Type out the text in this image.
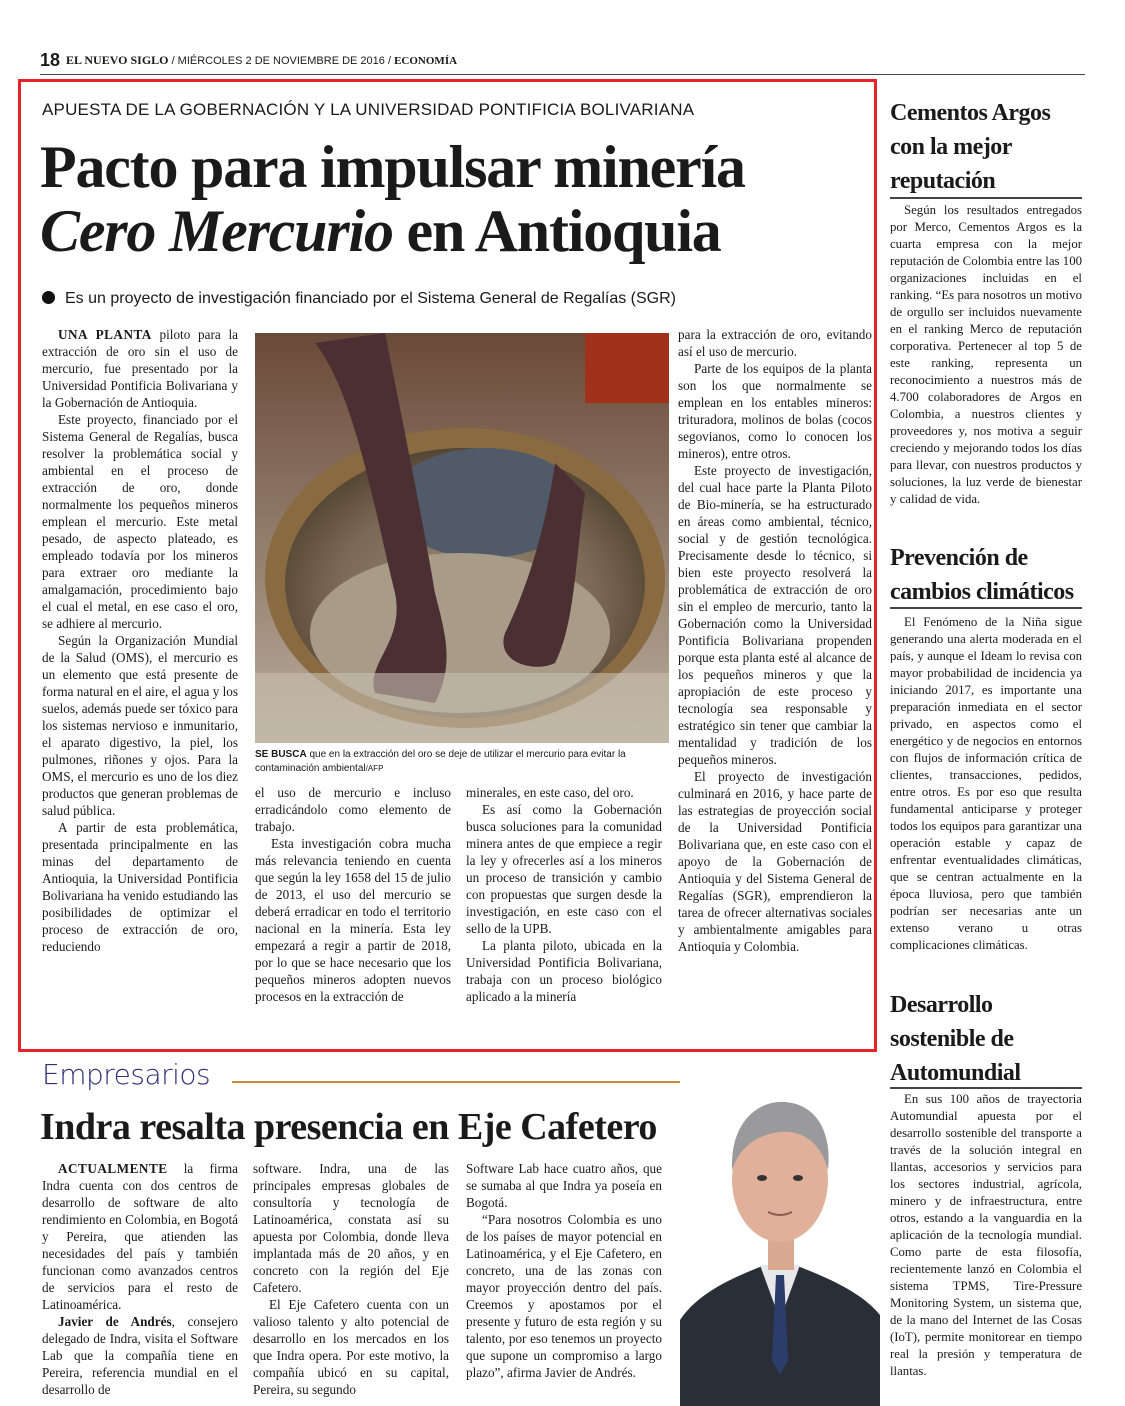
18 EL NUEVO SIGLO / MIÉRCOLES 2 DE NOVIEMBRE DE 2016 / ECONOMÍA
APUESTA DE LA GOBERNACIÓN Y LA UNIVERSIDAD PONTIFICIA BOLIVARIANA
Pacto para impulsar minería
Cero Mercurio en Antioquia
Es un proyecto de investigación financiado por el Sistema General de Regalías (SGR)

UNA PLANTA piloto para la extracción de oro sin el uso de mercurio, fue presentado por la Universidad Pontificia Bolivariana y la Gobernación de Antioquia.

Este proyecto, financiado por el Sistema General de Regalías, busca resolver la problemática social y ambiental en el proceso de extracción de oro, donde normalmente los pequeños mineros emplean el mercurio. Este metal pesado, de aspecto plateado, es empleado todavía por los mineros para extraer oro mediante la amalgamación, procedimiento bajo el cual el metal, en ese caso el oro, se adhiere al mercurio.

Según la Organización Mundial de la Salud (OMS), el mercurio es un elemento que está presente de forma natural en el aire, el agua y los suelos, además puede ser tóxico para los sistemas nervioso e inmunitario, el aparato digestivo, la piel, los pulmones, riñones y ojos. Para la OMS, el mercurio es uno de los diez productos que generan problemas de salud pública.

A partir de esta problemática, presentada principalmente en las minas del departamento de Antioquia, la Universidad Pontificia Bolivariana ha venido estudiando las posibilidades de optimizar el proceso de extracción de oro, reduciendo

SE BUSCA que en la extracción del oro se deje de utilizar el mercurio para evitar la contaminación ambiental/AFP

el uso de mercurio e incluso erradicándolo como elemento de trabajo.

Esta investigación cobra mucha más relevancia teniendo en cuenta que según la ley 1658 del 15 de julio de 2013, el uso del mercurio se deberá erradicar en todo el territorio nacional en la minería. Esta ley empezará a regir a partir de 2018, por lo que se hace necesario que los pequeños mineros adopten nuevos procesos en la extracción de

minerales, en este caso, del oro.

Es así como la Gobernación busca soluciones para la comunidad minera antes de que empiece a regir la ley y ofrecerles así a los mineros un proceso de transición y cambio con propuestas que surgen desde la investigación, en este caso con el sello de la UPB.

La planta piloto, ubicada en la Universidad Pontificia Bolivariana, trabaja con un proceso biológico aplicado a la minería

para la extracción de oro, evitando así el uso de mercurio.

Parte de los equipos de la planta son los que normalmente se emplean en los entables mineros: trituradora, molinos de bolas (cocos segovianos, como lo conocen los mineros), entre otros.

Este proyecto de investigación, del cual hace parte la Planta Piloto de Bio-minería, se ha estructurado en áreas como ambiental, técnico, social y de gestión tecnológica. Precisamente desde lo técnico, si bien este proyecto resolverá la problemática de extracción de oro sin el empleo de mercurio, tanto la Gobernación como la Universidad Pontificia Bolivariana propenden porque esta planta esté al alcance de los pequeños mineros y que la apropiación de este proceso y tecnología sea responsable y estratégico sin tener que cambiar la mentalidad y tradición de los pequeños mineros.

El proyecto de investigación culminará en 2016, y hace parte de las estrategias de proyección social de la Universidad Pontificia Bolivariana que, en este caso con el apoyo de la Gobernación de Antioquia y del Sistema General de Regalías (SGR), emprendieron la tarea de ofrecer alternativas sociales y ambientalmente amigables para Antioquia y Colombia.

Cementos Argos con la mejor reputación

Según los resultados entregados por Merco, Cementos Argos es la cuarta empresa con la mejor reputación de Colombia entre las 100 organizaciones incluidas en el ranking. “Es para nosotros un motivo de orgullo ser incluidos nuevamente en el ranking Merco de reputación corporativa. Pertenecer al top 5 de este ranking, representa un reconocimiento a nuestros más de 4.700 colaboradores de Argos en Colombia, a nuestros clientes y proveedores y, nos motiva a seguir creciendo y mejorando todos los días para llevar, con nuestros productos y soluciones, la luz verde de bienestar y calidad de vida.

Prevención de cambios climáticos

El Fenómeno de la Niña sigue generando una alerta moderada en el país, y aunque el Ideam lo revisa con mayor probabilidad de incidencia ya iniciando 2017, es importante una preparación inmediata en el sector privado, en aspectos como el energético y de negocios en entornos con flujos de información crítica de clientes, transacciones, pedidos, entre otros. Es por eso que resulta fundamental anticiparse y proteger todos los equipos para garantizar una operación estable y capaz de enfrentar eventualidades climáticas, que se centran actualmente en la época lluviosa, pero que también podrían ser necesarias ante un extenso verano u otras complicaciones climáticas.

Desarrollo sostenible de Automundial

En sus 100 años de trayectoria Automundial apuesta por el desarrollo sostenible del transporte a través de la solución integral en llantas, accesorios y servicios para los sectores industrial, agrícola, minero y de infraestructura, entre otros, estando a la vanguardia en la aplicación de la tecnología mundial. Como parte de esta filosofía, recientemente lanzó en Colombia el sistema TPMS, Tire-Pressure Monitoring System, un sistema que, de la mano del Internet de las Cosas (IoT), permite monitorear en tiempo real la presión y temperatura de llantas.

Empresarios
Indra resalta presencia en Eje Cafetero

ACTUALMENTE la firma Indra cuenta con dos centros de desarrollo de software de alto rendimiento en Colombia, en Bogotá y Pereira, que atienden las necesidades del país y también funcionan como avanzados centros de servicios para el resto de Latinoamérica.

Javier de Andrés, consejero delegado de Indra, visita el Software Lab que la compañía tiene en Pereira, referencia mundial en el desarrollo de

software. Indra, una de las principales empresas globales de consultoría y tecnología de Latinoamérica, constata así su apuesta por Colombia, donde lleva implantada más de 20 años, y en concreto con la región del Eje Cafetero.

El Eje Cafetero cuenta con un valioso talento y alto potencial de desarrollo en los mercados en los que Indra opera. Por este motivo, la compañía ubicó en su capital, Pereira, su segundo

Software Lab hace cuatro años, que se sumaba al que Indra ya poseía en Bogotá.

“Para nosotros Colombia es uno de los países de mayor potencial en Latinoamérica, y el Eje Cafetero, en concreto, una de las zonas con mayor proyección dentro del país. Creemos y apostamos por el presente y futuro de esta región y su talento, por eso tenemos un proyecto que supone un compromiso a largo plazo”, afirma Javier de Andrés.
